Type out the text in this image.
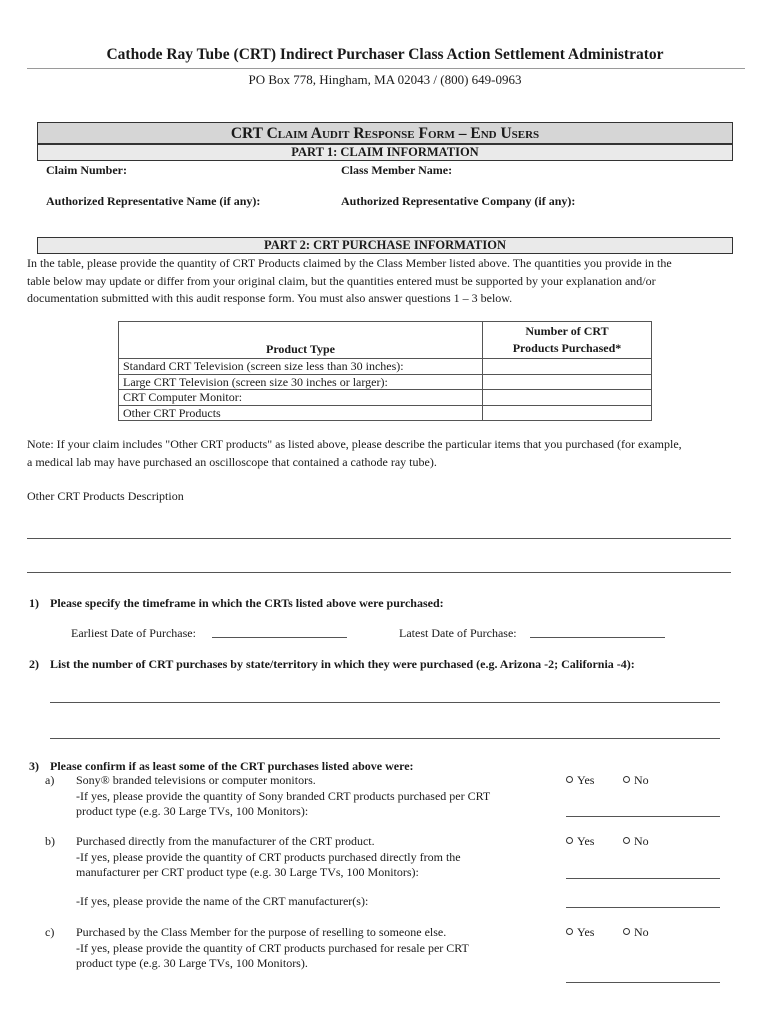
Cathode Ray Tube (CRT) Indirect Purchaser Class Action Settlement Administrator
PO Box 778, Hingham, MA 02043 / (800) 649-0963
CRT Claim Audit Response Form – End Users
PART 1: CLAIM INFORMATION
Claim Number:	Class Member Name:
Authorized Representative Name (if any):	Authorized Representative Company (if any):
PART 2: CRT PURCHASE INFORMATION
In the table, please provide the quantity of CRT Products claimed by the Class Member listed above. The quantities you provide in the
table below may update or differ from your original claim, but the quantities entered must be supported by your explanation and/or
documentation submitted with this audit response form. You must also answer questions 1 – 3 below.
Product Type	Number of CRT
Products Purchased*

Standard CRT Television (screen size less than 30 inches):	
Large CRT Television (screen size 30 inches or larger):	
CRT Computer Monitor:	
Other CRT Products	
Note: If your claim includes "Other CRT products" as listed above, please describe the particular items that you purchased (for example,
a medical lab may have purchased an oscilloscope that contained a cathode ray tube).
Other CRT Products Description
1) Please specify the timeframe in which the CRTs listed above were purchased:
Earliest Date of Purchase:	Latest Date of Purchase:
2) List the number of CRT purchases by state/territory in which they were purchased (e.g. Arizona -2; California -4):
3) Please confirm if as least some of the CRT purchases listed above were:
a) Sony® branded televisions or computer monitors.
-If yes, please provide the quantity of Sony branded CRT products purchased per CRT
product type (e.g. 30 Large TVs, 100 Monitors):
Yes	No
b) Purchased directly from the manufacturer of the CRT product.
-If yes, please provide the quantity of CRT products purchased directly from the
manufacturer per CRT product type (e.g. 30 Large TVs, 100 Monitors):
Yes	No
-If yes, please provide the name of the CRT manufacturer(s):
c) Purchased by the Class Member for the purpose of reselling to someone else.
-If yes, please provide the quantity of CRT products purchased for resale per CRT
product type (e.g. 30 Large TVs, 100 Monitors).
Yes	No
